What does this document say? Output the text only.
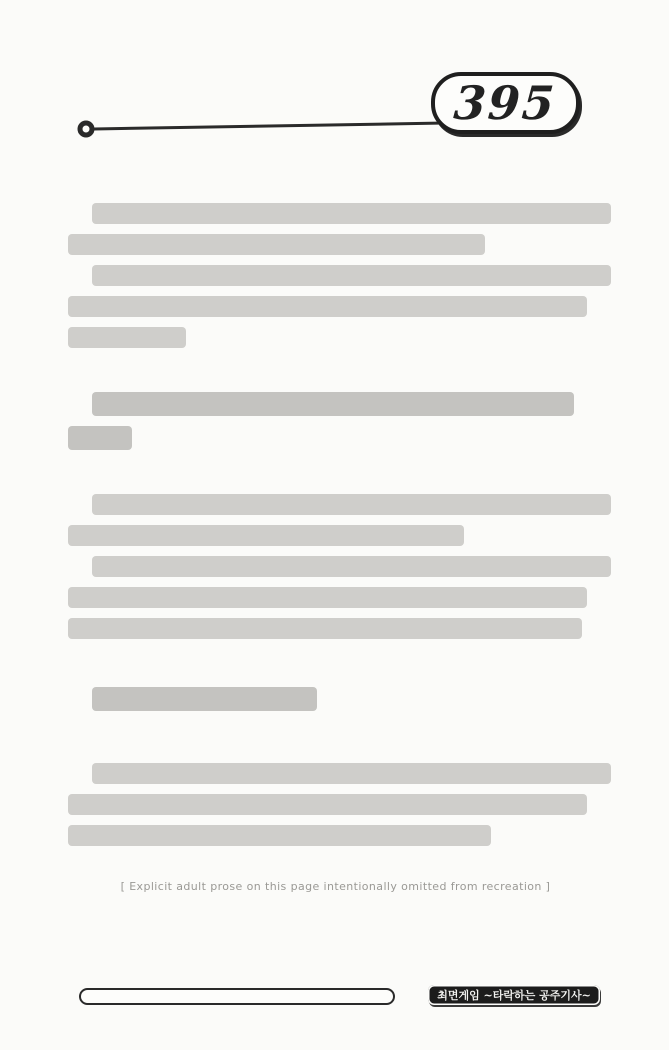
395
[ Explicit adult prose on this page intentionally omitted from recreation ]
최면게임 ~타락하는 공주기사~
